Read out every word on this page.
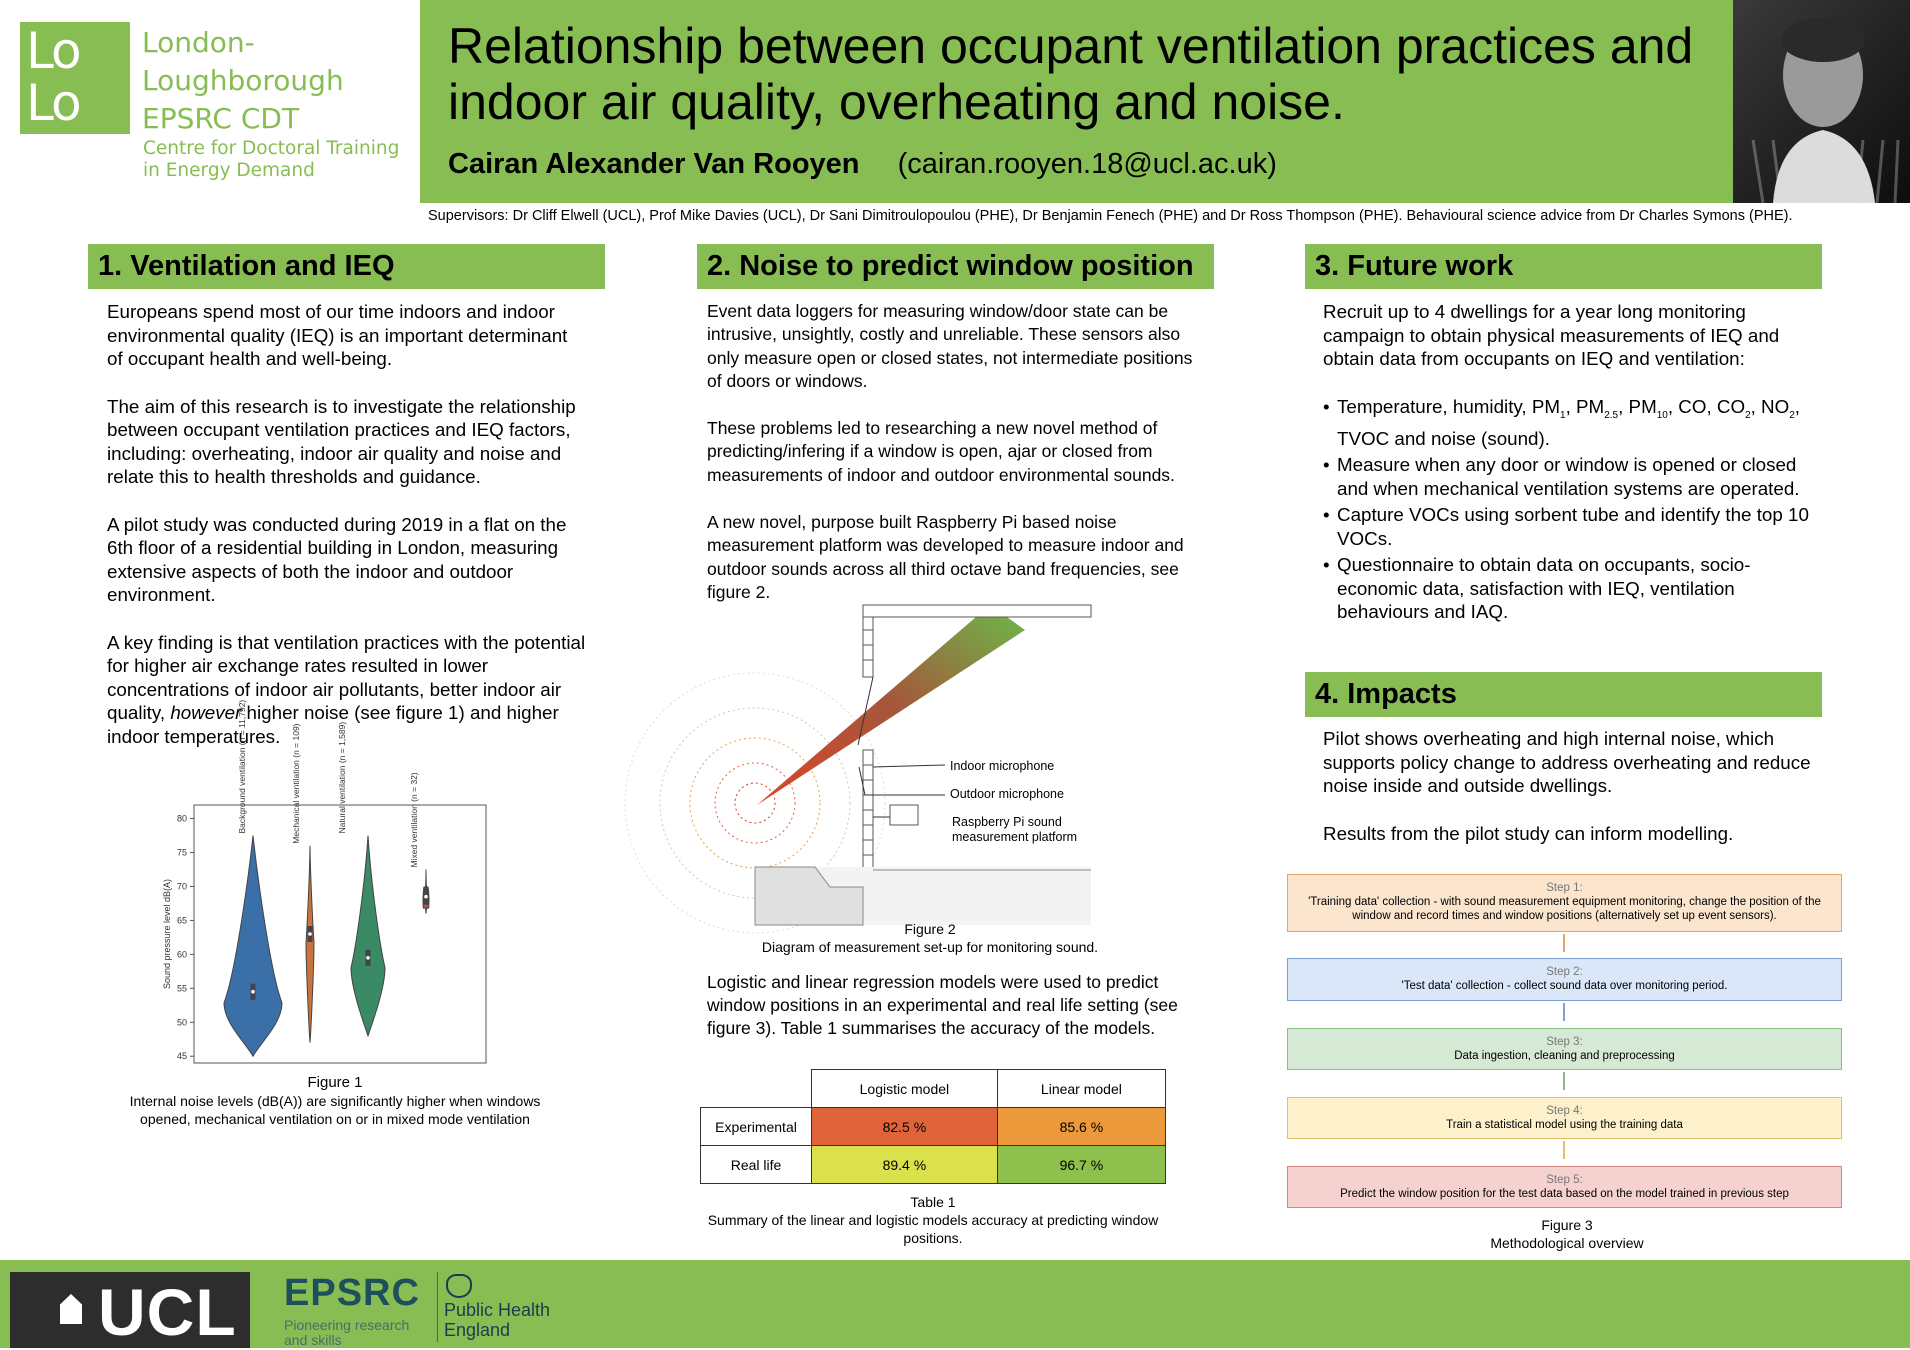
Lo
Lo
London-
Loughborough
EPSRC CDT
Centre for Doctoral Training
in Energy Demand
Relationship between occupant ventilation practices and indoor air quality, overheating and noise.
Cairan Alexander Van Rooyen (cairan.rooyen.18@ucl.ac.uk)
Supervisors: Dr Cliff Elwell (UCL), Prof Mike Davies (UCL), Dr Sani Dimitroulopoulou (PHE), Dr Benjamin Fenech (PHE) and Dr Ross Thompson (PHE). Behavioural science advice from Dr Charles Symons (PHE).
1. Ventilation and IEQ

Europeans spend most of our time indoors and indoor environmental quality (IEQ) is an important determinant of occupant health and well-being.

The aim of this research is to investigate the relationship between occupant ventilation practices and IEQ factors, including: overheating, indoor air quality and noise and relate this to health thresholds and guidance.

A pilot study was conducted during 2019 in a flat on the 6th floor of a residential building in London, measuring extensive aspects of both the indoor and outdoor environment.

A key finding is that ventilation practices with the potential for higher air exchange rates resulted in lower concentrations of indoor air pollutants, better indoor air quality, however higher noise (see figure 1) and higher indoor temperatures.

Sound pressure level dB(A)
45
50
55
60
65
70
75
80	Background ventilation (n = 11,792)	Mechanical ventilation (n = 109)	Natural ventilation (n = 1,589)	Mixed ventilation (n = 32)
Figure 1
Internal noise levels (dB(A)) are significantly higher when windows opened, mechanical ventilation on or in mixed mode ventilation
2. Noise to predict window position

Event data loggers for measuring window/door state can be intrusive, unsightly, costly and unreliable. These sensors also only measure open or closed states, not intermediate positions of doors or windows.

These problems led to researching a new novel method of predicting/infering if a window is open, ajar or closed from measurements of indoor and outdoor environmental sounds.

A new novel, purpose built Raspberry Pi based noise measurement platform was developed to measure indoor and outdoor sounds across all third octave band frequencies, see figure 2.

Indoor microphone
Outdoor microphone
Raspberry Pi sound
measurement platform
Figure 2
Diagram of measurement set-up for monitoring sound.
Logistic and linear regression models were used to predict window positions in an experimental and real life setting (see figure 3). Table 1 summarises the accuracy of the models.
	Logistic model	Linear model
Experimental	82.5 %	85.6 %
Real life	89.4 %	96.7 %
Table 1
Summary of the linear and logistic models accuracy at predicting window positions.
3. Future work

Recruit up to 4 dwellings for a year long monitoring campaign to obtain physical measurements of IEQ and obtain data from occupants on IEQ and ventilation:

• Temperature, humidity, $PM_1$, $PM_{2.5}$, $PM_{10}$, CO, $CO_2$, $NO_2$, TVOC and noise (sound).
• Measure when any door or window is opened or closed and when mechanical ventilation systems are operated.
• Capture VOCs using sorbent tube and identify the top 10 VOCs.
• Questionnaire to obtain data on occupants, socio-economic data, satisfaction with IEQ, ventilation behaviours and IAQ.
4. Impacts

Pilot shows overheating and high internal noise, which supports policy change to address overheating and reduce noise inside and outside dwellings.

Results from the pilot study can inform modelling.

Step 1:
'Training data' collection - with sound measurement equipment monitoring, change the position of the window and record times and window positions (alternatively set up event sensors).
Step 2:
'Test data' collection - collect sound data over monitoring period.
Step 3:
Data ingestion, cleaning and preprocessing
Step 4:
Train a statistical model using the training data
Step 5:
Predict the window position for the test data based on the model trained in previous step
Figure 3
Methodological overview
UCL EPSRC
Pioneering research
and skills
Public Health
England
